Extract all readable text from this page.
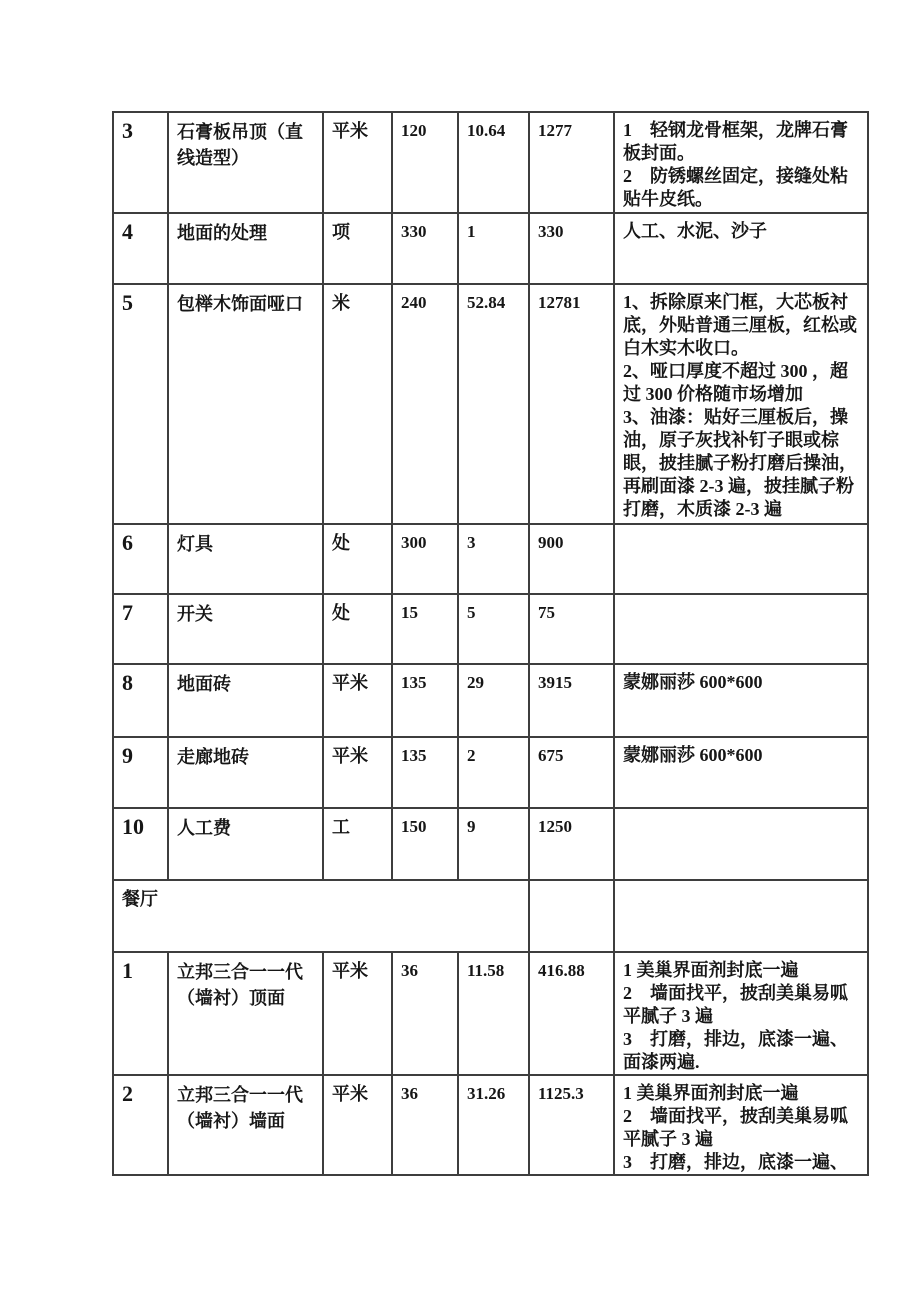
3	石膏板吊顶（直线造型）	平米	120	10.64	1277	1　轻钢龙骨框架，龙牌石膏板封面。
2　防锈螺丝固定，接缝处粘贴牛皮纸。

4	地面的处理	项	330	1	330	人工、水泥、沙子

5	包榉木饰面哑口	米	240	52.84	12781	1、拆除原来门框，大芯板衬底，外贴普通三厘板，红松或白木实木收口。
2、哑口厚度不超过 300 ，超过 300 价格随市场增加
3、油漆：贴好三厘板后，操油，原子灰找补钉子眼或棕眼，披挂腻子粉打磨后操油，再刷面漆 2-3 遍，披挂腻子粉打磨，木质漆 2-3 遍

6	灯具	处	300	3	900	
7	开关	处	15	5	75	
8	地面砖	平米	135	29	3915	蒙娜丽莎 600*600

9	走廊地砖	平米	135	2	675	蒙娜丽莎 600*600

10	人工费	工	150	9	1250	
餐厅						
1	立邦三合一一代（墙衬）顶面	平米	36	11.58	416.88	1 美巢界面剂封底一遍
2　墙面找平，披刮美巢易呱平腻子 3 遍
3　打磨，排边，底漆一遍、面漆两遍.

2	立邦三合一一代（墙衬）墙面	平米	36	31.26	1125.3	1 美巢界面剂封底一遍
2　墙面找平，披刮美巢易呱平腻子 3 遍
3　打磨，排边，底漆一遍、
